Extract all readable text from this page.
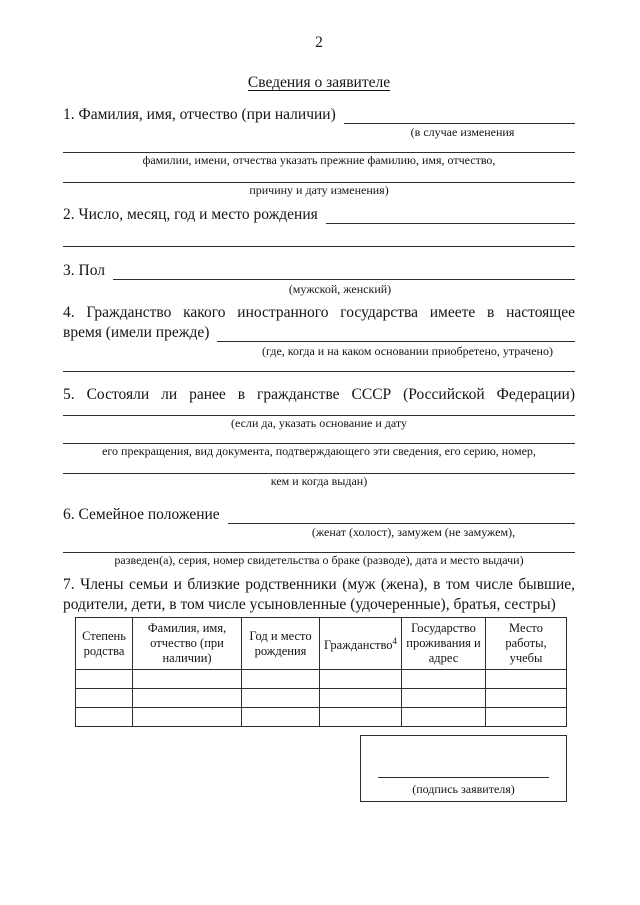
2
Сведения о заявителе
1. Фамилия, имя, отчество (при наличии)
(в случае изменения
фамилии, имени, отчества указать прежние фамилию, имя, отчество,
причину и дату изменения)
2. Число, месяц, год и место рождения
3. Пол
(мужской, женский)
4. Гражданство какого иностранного государства имеете в настоящее
время (имели прежде)
(где, когда и на каком основании приобретено, утрачено)
5. Состояли ли ранее в гражданстве СССР (Российской Федерации)
(если да, указать основание и дату
его прекращения, вид документа, подтверждающего эти сведения, его серию, номер,
кем и когда выдан)
6. Семейное положение
(женат (холост), замужем (не замужем),
разведен(а), серия, номер свидетельства о браке (разводе), дата и место выдачи)
7. Члены семьи и близкие родственники (муж (жена), в том числе бывшие, родители, дети, в том числе усыновленные (удочеренные), братья, сестры)
Степень родства	Фамилия, имя, отчество (при наличии)	Год и место рождения	Гражданство$^4$	Государство проживания и адрес	Место работы, учебы

(подпись заявителя)
